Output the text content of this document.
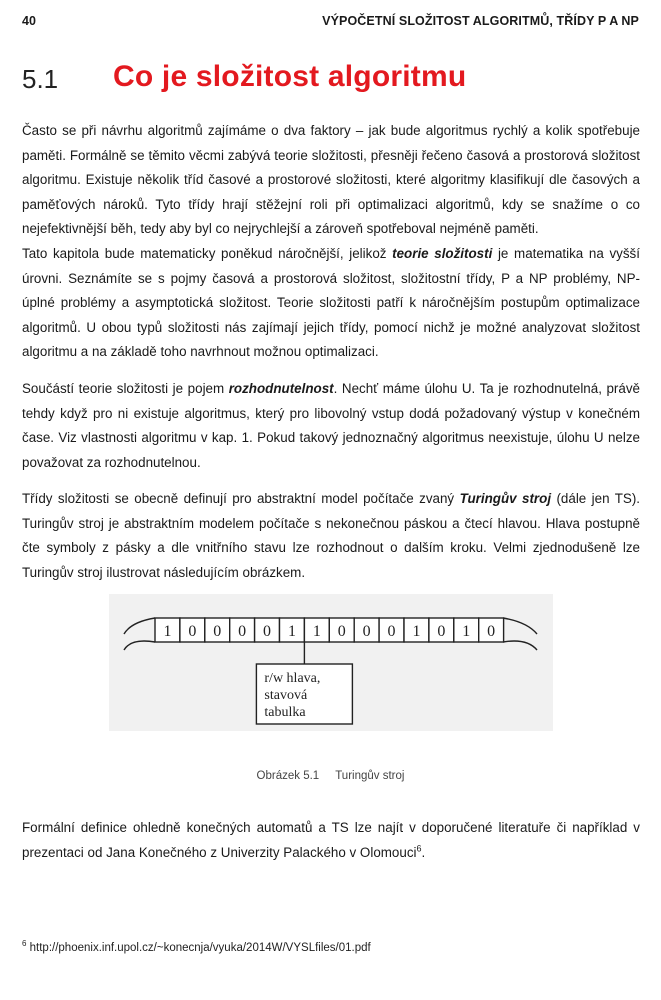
40	VÝPOČETNÍ SLOŽITOST ALGORITMŮ, TŘÍDY P A NP
5.1 Co je složitost algoritmu

Často se při návrhu algoritmů zajímáme o dva faktory – jak bude algoritmus rychlý a kolik spotřebuje paměti. Formálně se těmito věcmi zabývá teorie složitosti, přesněji řečeno časová a prostorová složitost algoritmu. Existuje několik tříd časové a prostorové složitosti, které algoritmy klasifikují dle časových a paměťových nároků. Tyto třídy hrají stěžejní roli při optimalizaci algoritmů, kdy se snažíme o co nejefektivnější běh, tedy aby byl co nejrychlejší a zároveň spotřeboval nejméně paměti.

Tato kapitola bude matematicky poněkud náročnější, jelikož teorie složitosti je matematika na vyšší úrovni. Seznámíte se s pojmy časová a prostorová složitost, složitostní třídy, P a NP problémy, NP-úplné problémy a asymptotická složitost. Teorie složitosti patří k náročnějším postupům optimalizace algoritmů. U obou typů složitosti nás zajímají jejich třídy, pomocí nichž je možné analyzovat složitost algoritmu a na základě toho navrhnout možnou optimalizaci.

Součástí teorie složitosti je pojem rozhodnutelnost. Nechť máme úlohu U. Ta je rozhodnutelná, právě tehdy když pro ni existuje algoritmus, který pro libovolný vstup dodá požadovaný výstup v konečném čase. Viz vlastnosti algoritmu v kap. 1. Pokud takový jednoznačný algoritmus neexistuje, úlohu U nelze považovat za rozhodnutelnou.

Třídy složitosti se obecně definují pro abstraktní model počítače zvaný Turingův stroj (dále jen TS). Turingův stroj je abstraktním modelem počítače s nekonečnou páskou a čtecí hlavou. Hlava postupně čte symboly z pásky a dle vnitřního stavu lze rozhodnout o dalším kroku. Velmi zjednodušeně lze Turingův stroj ilustrovat následujícím obrázkem.

1 0 0 0 0 1 1 0 0 0 1 0 1 0
r/w hlava,
stavová
tabulka
Obrázek 5.1 Turingův stroj

Formální definice ohledně konečných automatů a TS lze najít v doporučené literatuře či například v prezentaci od Jana Konečného z Univerzity Palackého v Olomouci$^6$.

$^6$ http://phoenix.inf.upol.cz/~konecnja/vyuka/2014W/VYSLfiles/01.pdf
